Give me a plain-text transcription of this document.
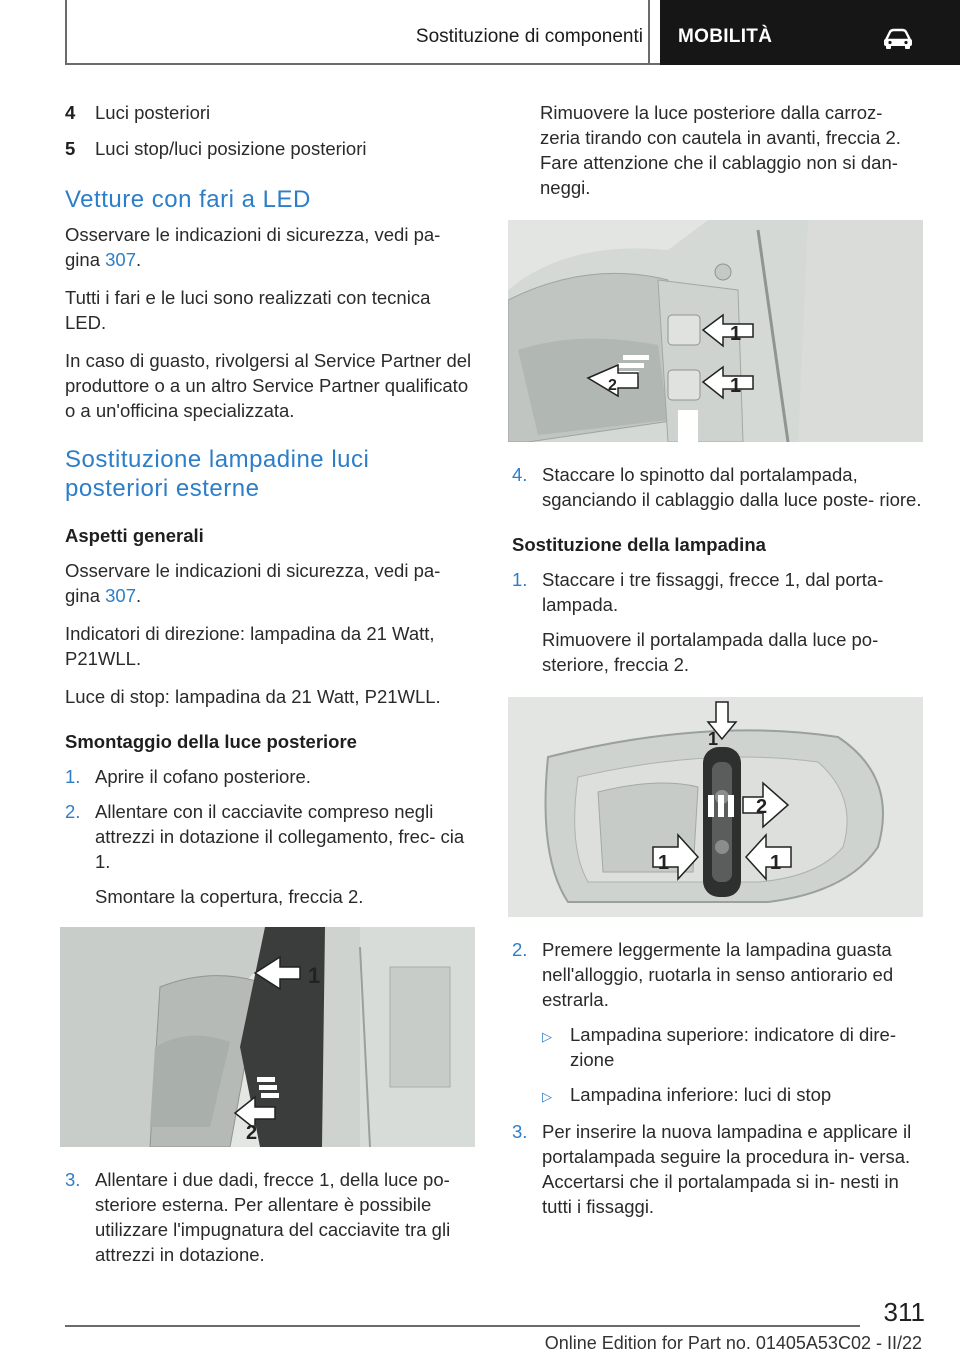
Sostituzione di componenti MOBILITÀ
4	Luci posteriori
5	Luci stop/luci posizione posteriori
Vetture con fari a LED

Osservare le indicazioni di sicurezza, vedi pa‐ gina 307.

Tutti i fari e le luci sono realizzati con tecnica LED.

In caso di guasto, rivolgersi al Service Partner del produttore o a un altro Service Partner qualificato o a un'officina specializzata.

Sostituzione lampadine luci posteriori esterne
Aspetti generali

Osservare le indicazioni di sicurezza, vedi pa‐ gina 307.

Indicatori di direzione: lampadina da 21 Watt, P21WLL.

Luce di stop: lampadina da 21 Watt, P21WLL.

Smontaggio della luce posteriore
1. Aprire il cofano posteriore.
2. Allentare con il cacciavite compreso negli attrezzi in dotazione il collegamento, frec‐ cia 1.
Smontare la copertura, freccia 2.
1
2
3. Allentare i due dadi, frecce 1, della luce po‐ steriore esterna. Per allentare è possibile utilizzare l'impugnatura del cacciavite tra gli attrezzi in dotazione.

Rimuovere la luce posteriore dalla carroz‐ zeria tirando con cautela in avanti, freccia 2. Fare attenzione che il cablaggio non si dan‐ neggi.

1
1
2
4. Staccare lo spinotto dal portalampada, sganciando il cablaggio dalla luce poste‐ riore.
Sostituzione della lampadina
1. Staccare i tre fissaggi, frecce 1, dal porta‐ lampada.
Rimuovere il portalampada dalla luce po‐ steriore, freccia 2.
1
2
1	1
2. Premere leggermente la lampadina guasta nell'alloggio, ruotarla in senso antiorario ed estrarla.
▷ Lampadina superiore: indicatore di dire‐ zione
▷ Lampadina inferiore: luci di stop
3. Per inserire la nuova lampadina e applicare il portalampada seguire la procedura in‐ versa. Accertarsi che il portalampada si in‐ nesti in tutti i fissaggi.
311
Online Edition for Part no. 01405A53C02 - II/22
